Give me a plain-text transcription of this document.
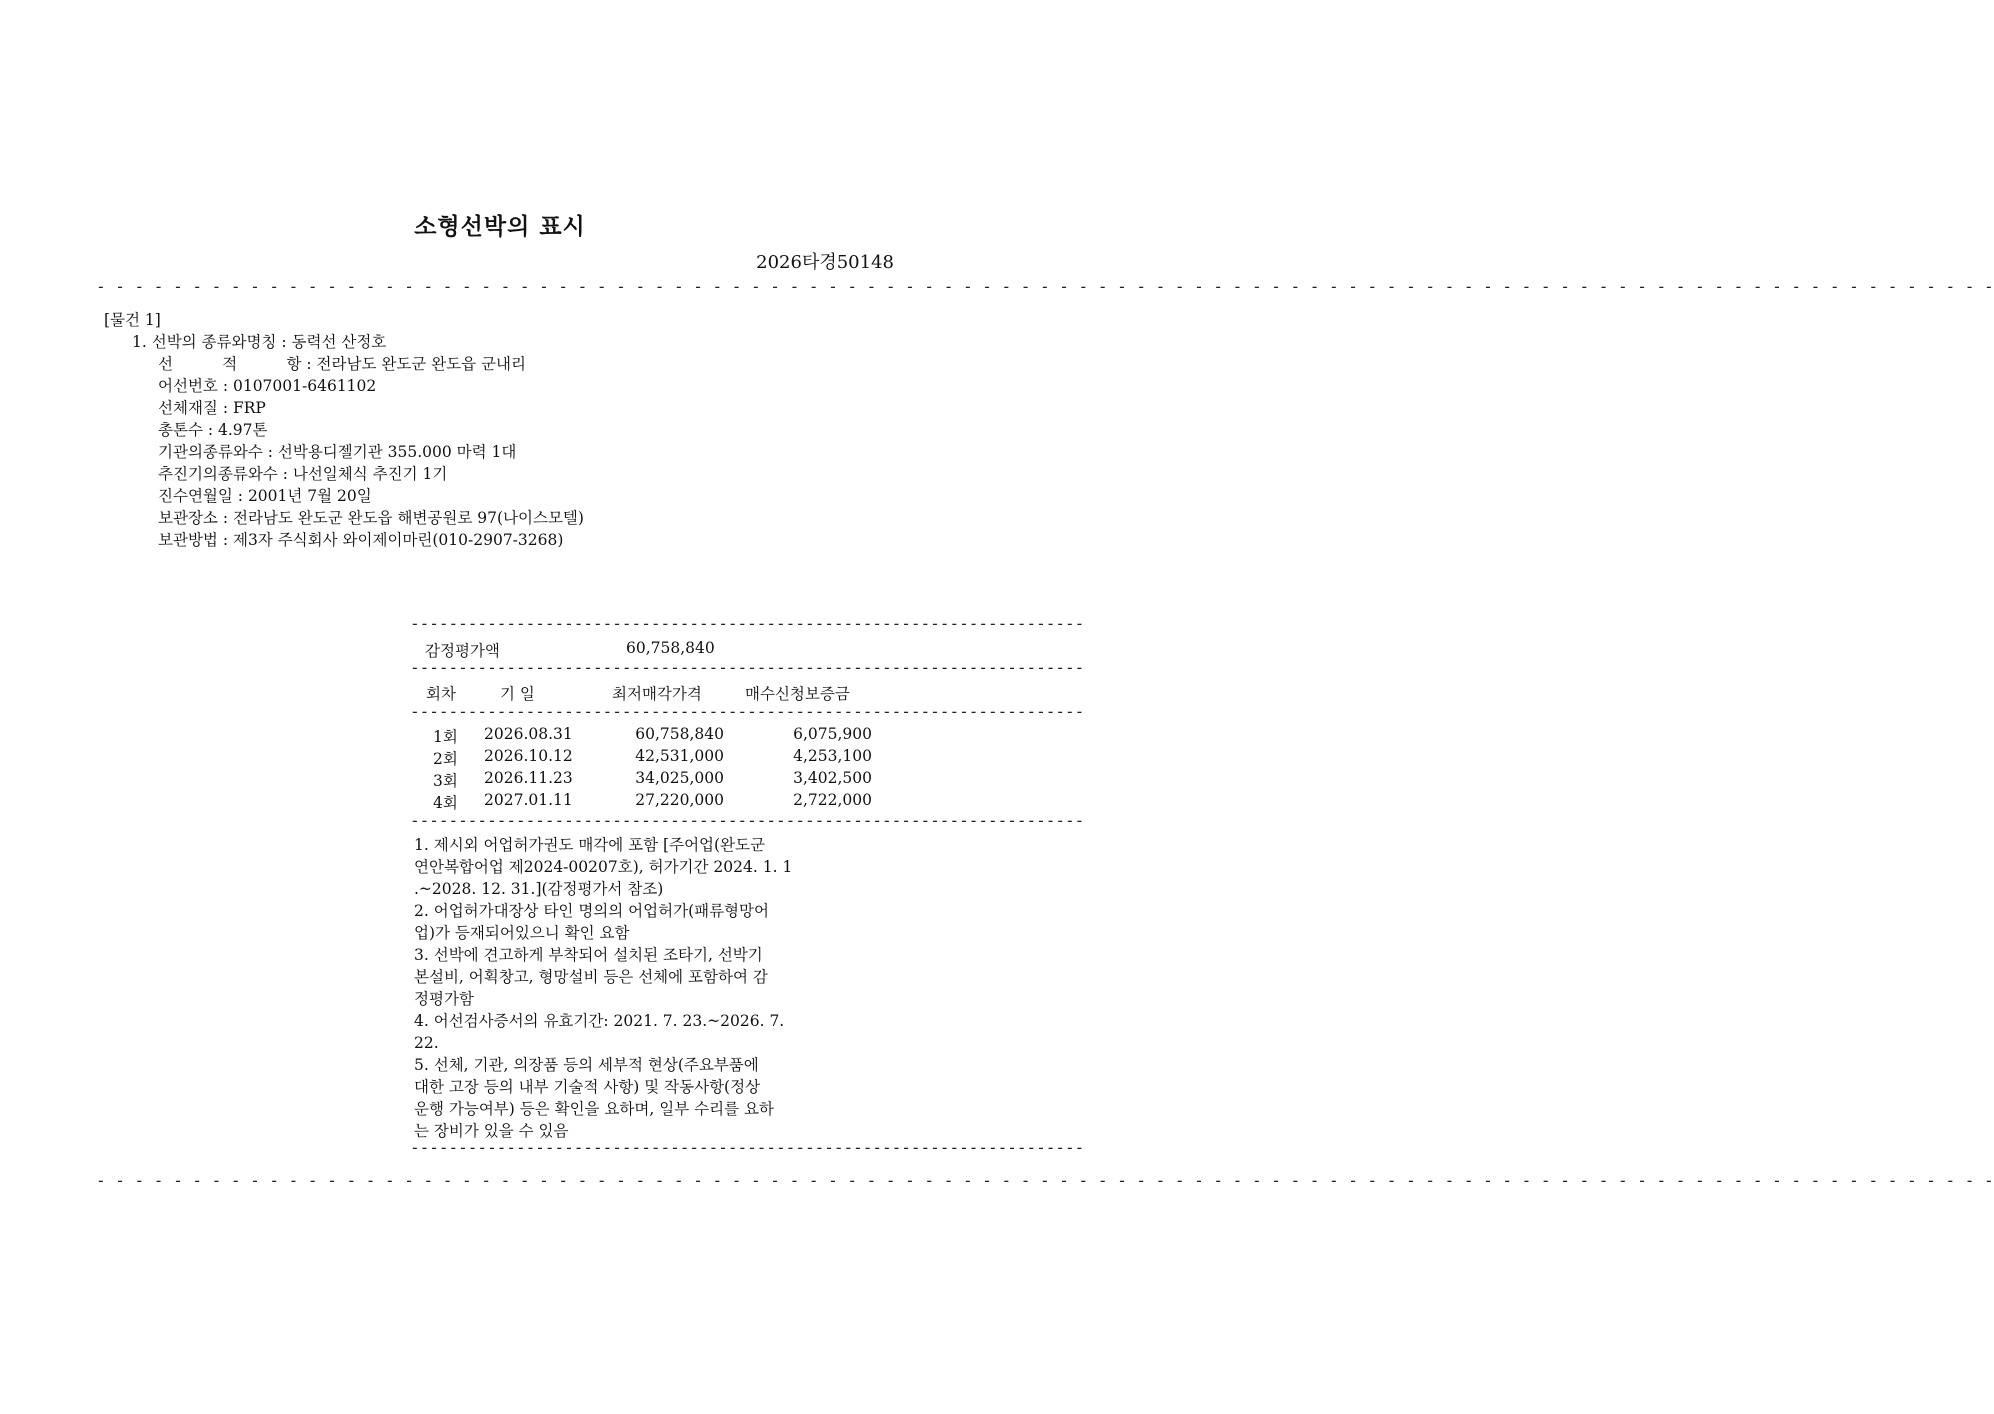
소형선박의 표시
2026타경50148
- - - - - - - - - - - - - - - - - - - - - - - - - - - - - - - - - - - - - - - - - - - - - - - - - - - - - - - - - - - - - - - - - - - - - - - - - - - - - - - - - - - - - - - - - - - - - - - - - - -
[물건 1]
1. 선박의 종류와명칭 : 동력선 산정호
선          적          항 : 전라남도 완도군 완도읍 군내리
어선번호 : 0107001-6461102
선체재질 : FRP
총톤수 : 4.97톤
기관의종류와수 : 선박용디젤기관 355.000 마력 1대
추진기의종류와수 : 나선일체식 추진기 1기
진수연월일 : 2001년 7월 20일
보관장소 : 전라남도 완도군 완도읍 해변공원로 97(나이스모텔)
보관방법 : 제3자 주식회사 와이제이마린(010-2907-3268)
----------------------------------------------------------------------
감정평가액	60,758,840
----------------------------------------------------------------------
회차	기 일	최저매각가격	매수신청보증금
----------------------------------------------------------------------
1회 2026.08.31	60,758,840	6,075,900
2회 2026.10.12	42,531,000	4,253,100
3회 2026.11.23	34,025,000	3,402,500
4회 2027.01.11	27,220,000	2,722,000
----------------------------------------------------------------------
1. 제시외 어업허가권도 매각에 포함 [주어업(완도군
연안복합어업 제2024-00207호), 허가기간 2024. 1. 1
.~2028. 12. 31.](감정평가서 참조)
2. 어업허가대장상 타인 명의의 어업허가(패류형망어
업)가 등재되어있으니 확인 요함
3. 선박에 견고하게 부착되어 설치된 조타기, 선박기
본설비, 어획창고, 형망설비 등은 선체에 포함하여 감
정평가함
4. 어선검사증서의 유효기간: 2021. 7. 23.~2026. 7.
22.
5. 선체, 기관, 의장품 등의 세부적 현상(주요부품에
대한 고장 등의 내부 기술적 사항) 및 작동사항(정상
운행 가능여부) 등은 확인을 요하며, 일부 수리를 요하
는 장비가 있을 수 있음
----------------------------------------------------------------------
- - - - - - - - - - - - - - - - - - - - - - - - - - - - - - - - - - - - - - - - - - - - - - - - - - - - - - - - - - - - - - - - - - - - - - - - - - - - - - - - - - - - - - - - - - - - - - - - - - -
